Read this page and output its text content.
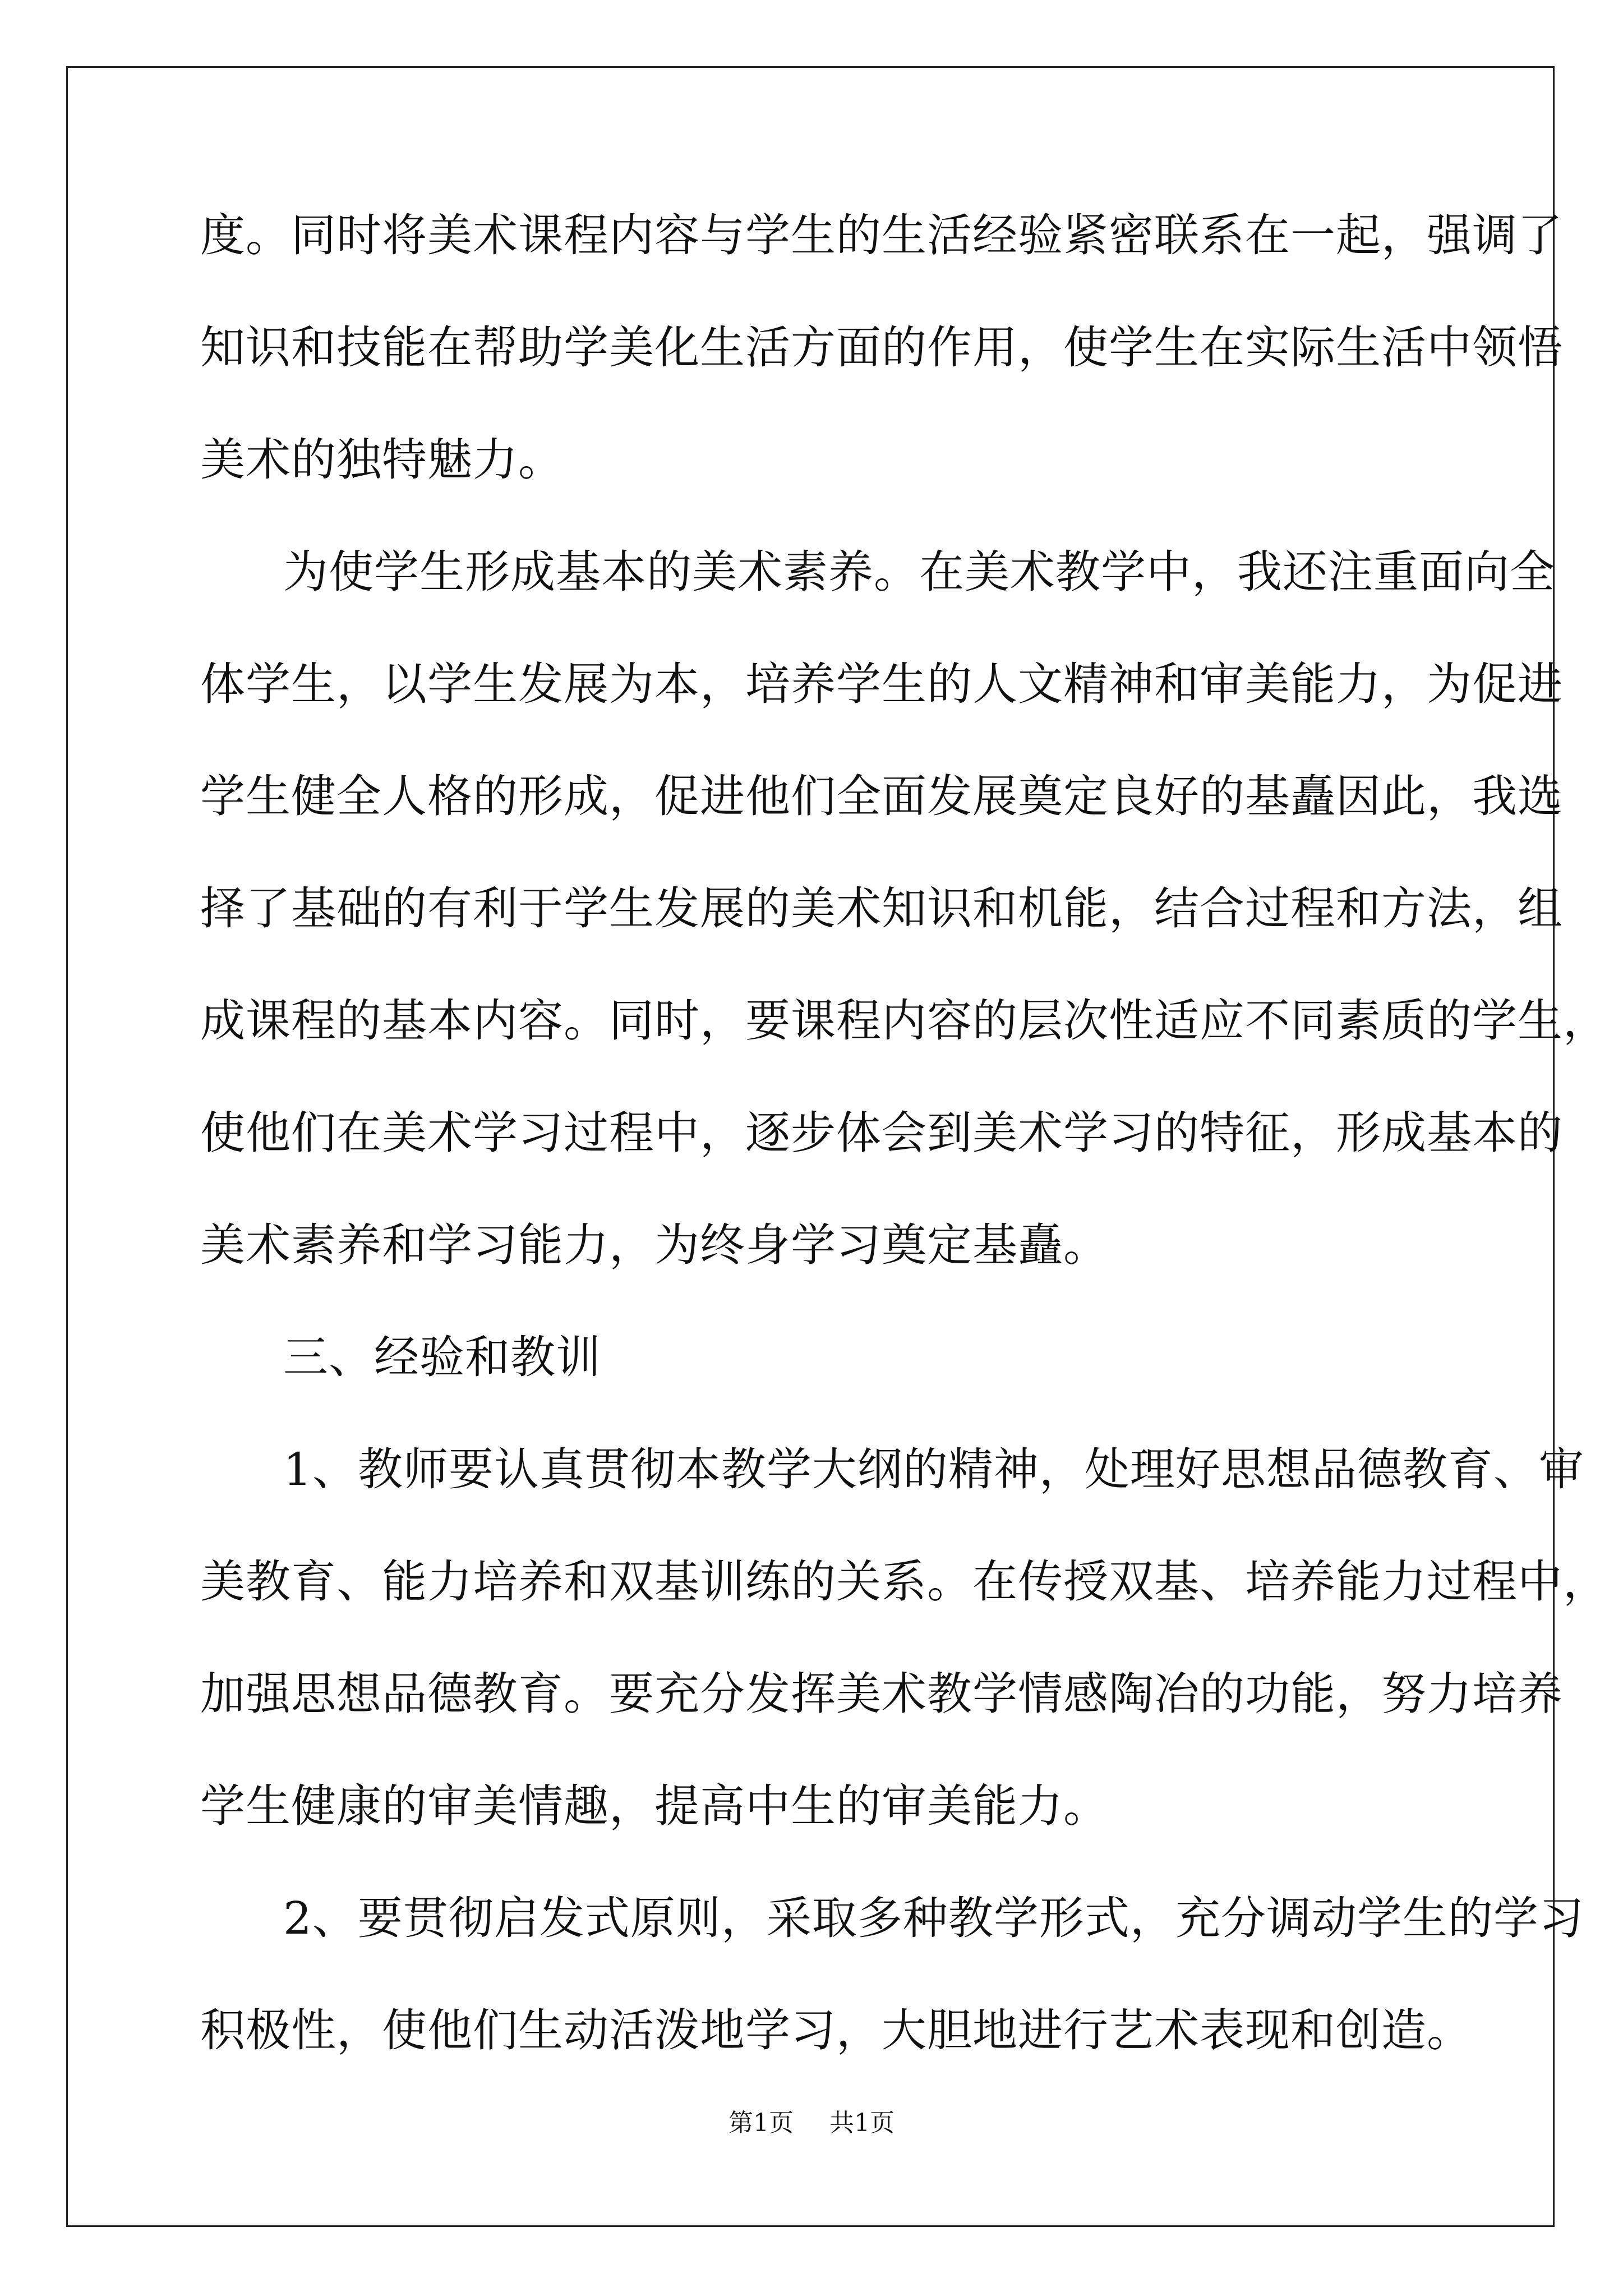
度。同时将美术课程内容与学生的生活经验紧密联系在一起，强调了
知识和技能在帮助学美化生活方面的作用，使学生在实际生活中领悟
美术的独特魅力。
为使学生形成基本的美术素养。在美术教学中，我还注重面向全
体学生，以学生发展为本，培养学生的人文精神和审美能力，为促进
学生健全人格的形成，促进他们全面发展奠定良好的基矗因此，我选
择了基础的有利于学生发展的美术知识和机能，结合过程和方法，组
成课程的基本内容。同时，要课程内容的层次性适应不同素质的学生，
使他们在美术学习过程中，逐步体会到美术学习的特征，形成基本的
美术素养和学习能力，为终身学习奠定基矗。
三、经验和教训
1、教师要认真贯彻本教学大纲的精神，处理好思想品德教育、审
美教育、能力培养和双基训练的关系。在传授双基、培养能力过程中，
加强思想品德教育。要充分发挥美术教学情感陶冶的功能，努力培养
学生健康的审美情趣，提高中生的审美能力。
2、要贯彻启发式原则，采取多种教学形式，充分调动学生的学习
积极性，使他们生动活泼地学习，大胆地进行艺术表现和创造。
第1页 共1页
